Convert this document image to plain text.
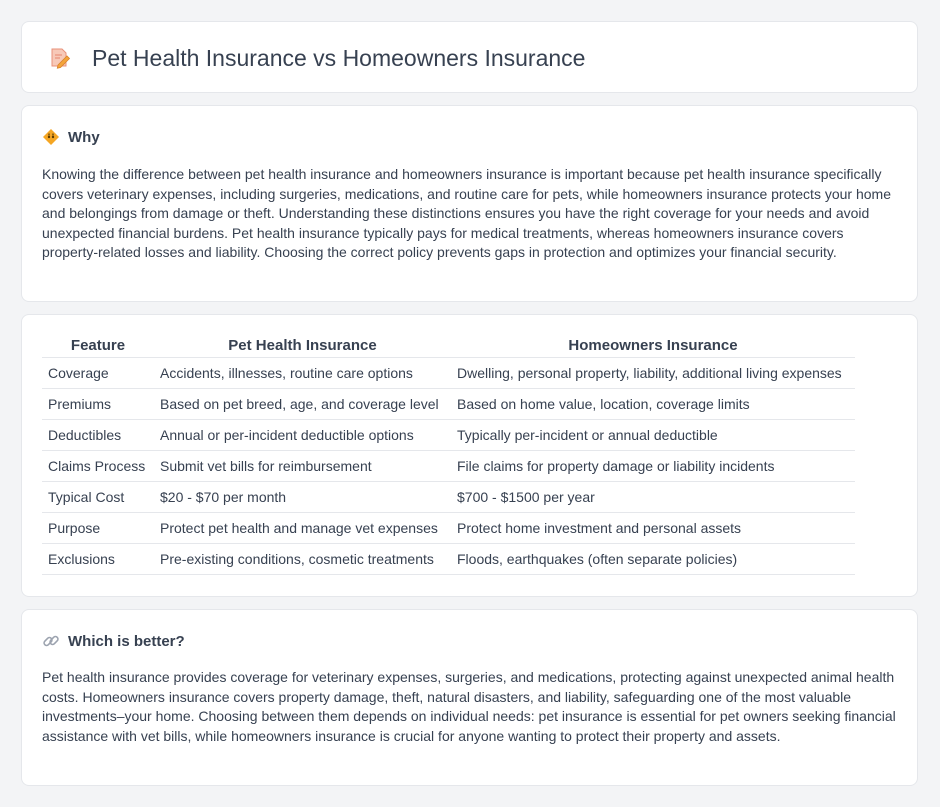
Pet Health Insurance vs Homeowners Insurance
Why

Knowing the difference between pet health insurance and homeowners insurance is important because pet health insurance specifically covers veterinary expenses, including surgeries, medications, and routine care for pets, while homeowners insurance protects your home and belongings from damage or theft. Understanding these distinctions ensures you have the right coverage for your needs and avoid unexpected financial burdens. Pet health insurance typically pays for medical treatments, whereas homeowners insurance covers property-related losses and liability. Choosing the correct policy prevents gaps in protection and optimizes your financial security.

Feature	Pet Health Insurance	Homeowners Insurance
Coverage	Accidents, illnesses, routine care options	Dwelling, personal property, liability, additional living expenses
Premiums	Based on pet breed, age, and coverage level	Based on home value, location, coverage limits
Deductibles	Annual or per-incident deductible options	Typically per-incident or annual deductible
Claims Process	Submit vet bills for reimbursement	File claims for property damage or liability incidents
Typical Cost	$20 - $70 per month	$700 - $1500 per year
Purpose	Protect pet health and manage vet expenses	Protect home investment and personal assets
Exclusions	Pre-existing conditions, cosmetic treatments	Floods, earthquakes (often separate policies)
Which is better?

Pet health insurance provides coverage for veterinary expenses, surgeries, and medications, protecting against unexpected animal health costs. Homeowners insurance covers property damage, theft, natural disasters, and liability, safeguarding one of the most valuable investments–your home. Choosing between them depends on individual needs: pet insurance is essential for pet owners seeking financial assistance with vet bills, while homeowners insurance is crucial for anyone wanting to protect their property and assets.
